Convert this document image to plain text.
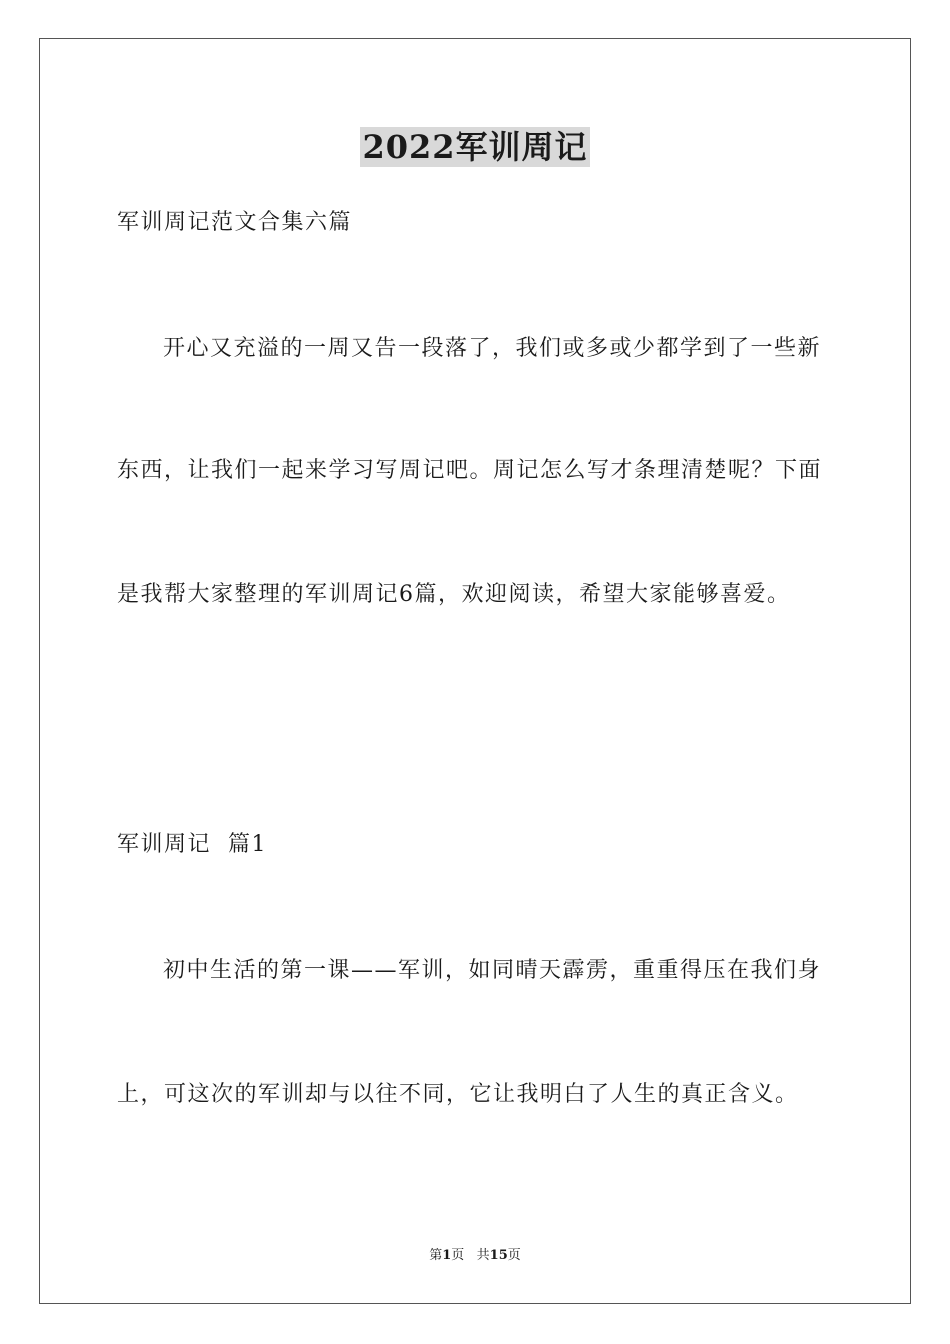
2022军训周记
军训周记范文合集六篇
开心又充溢的一周又告一段落了，我们或多或少都学到了一些新
东西，让我们一起来学习写周记吧。周记怎么写才条理清楚呢？下面
是我帮大家整理的军训周记6篇，欢迎阅读，希望大家能够喜爱。
军训周记  篇1
初中生活的第一课——军训，如同晴天霹雳，重重得压在我们身
上，可这次的军训却与以往不同，它让我明白了人生的真正含义。
第1页   共15页
